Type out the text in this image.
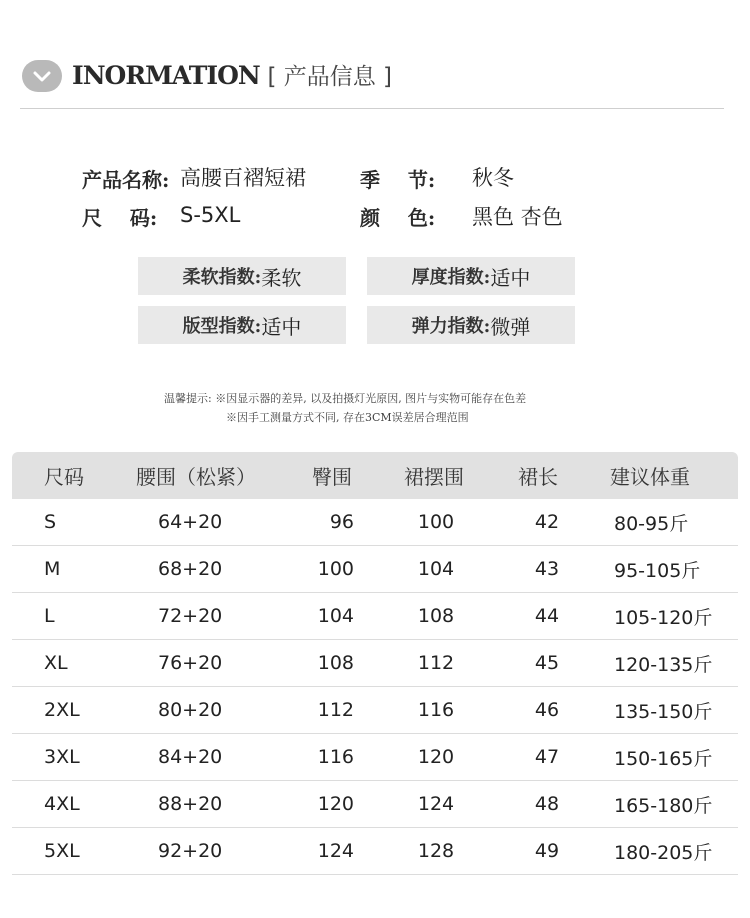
INORMATION [ 产品信息 ]
产品名称: 高腰百褶短裙	季    节: 秋冬
尺    码: S-5XL	颜    色: 黑色 杏色
柔软指数: 柔软	厚度指数: 适中
版型指数: 适中	弹力指数: 微弹
温馨提示: ※因显示器的差异, 以及拍摄灯光原因, 图片与实物可能存在色差
※因手工测量方式不同, 存在3CM误差居合理范围
尺码	腰围（松紧）	臀围	裙摆围	裙长	建议体重
S	64+20	96	100	42	80-95斤
M	68+20	100	104	43	95-105斤
L	72+20	104	108	44	105-120斤
XL	76+20	108	112	45	120-135斤
2XL	80+20	112	116	46	135-150斤
3XL	84+20	116	120	47	150-165斤
4XL	88+20	120	124	48	165-180斤
5XL	92+20	124	128	49	180-205斤
